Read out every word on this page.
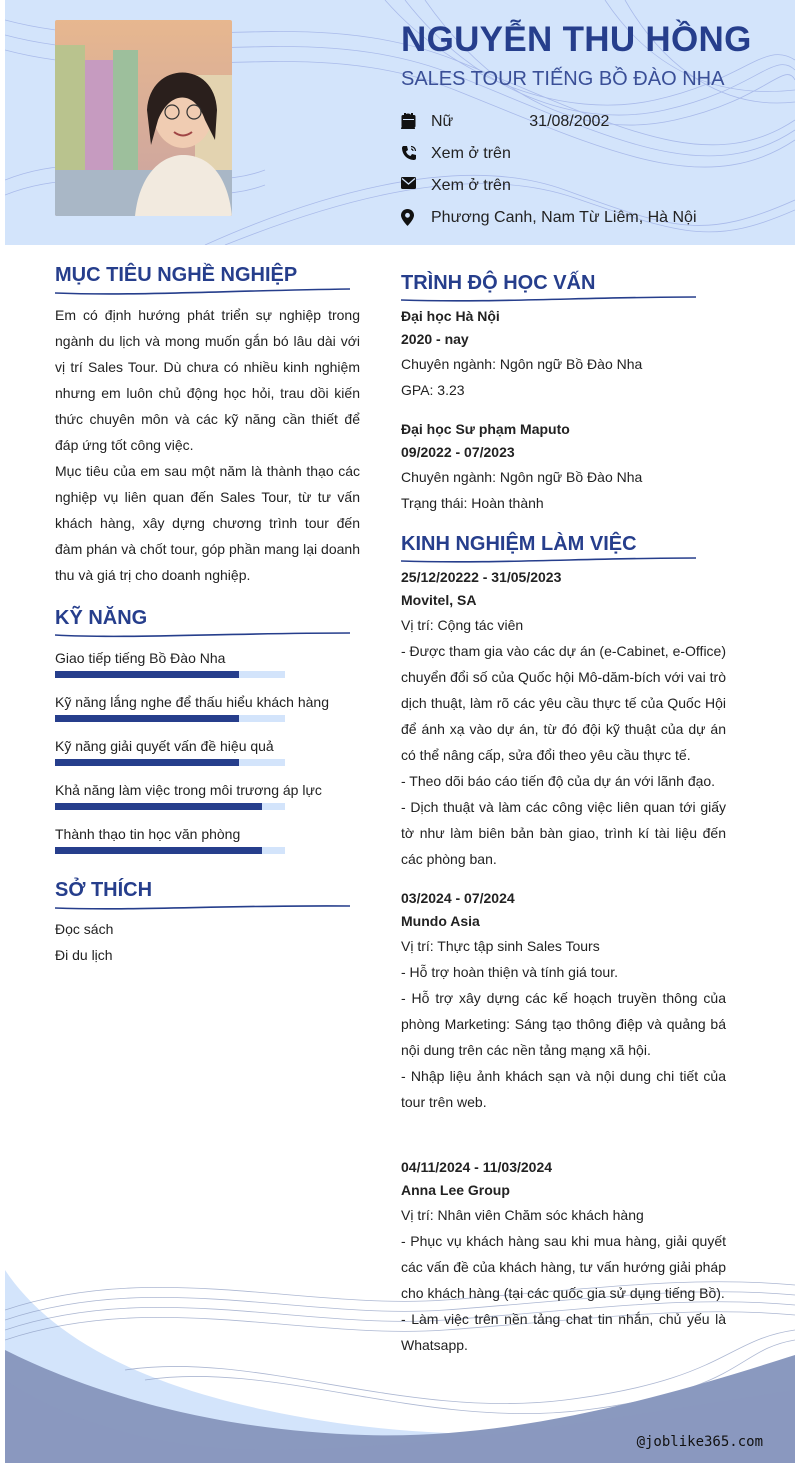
NGUYỄN THU HỒNG
SALES TOUR TIẾNG BỒ ĐÀO NHA
Nữ	31/08/2002
Xem ở trên
Xem ở trên
Phương Canh, Nam Từ Liêm, Hà Nội
MỤC TIÊU NGHỀ NGHIỆP
Em có định hướng phát triển sự nghiệp trong ngành du lịch và mong muốn gắn bó lâu dài với vị trí Sales Tour. Dù chưa có nhiều kinh nghiệm nhưng em luôn chủ động học hỏi, trau dồi kiến thức chuyên môn và các kỹ năng cần thiết để đáp ứng tốt công việc.
Mục tiêu của em sau một năm là thành thạo các nghiệp vụ liên quan đến Sales Tour, từ tư vấn khách hàng, xây dựng chương trình tour đến đàm phán và chốt tour, góp phần mang lại doanh thu và giá trị cho doanh nghiệp.
KỸ NĂNG
Giao tiếp tiếng Bồ Đào Nha
Kỹ năng lắng nghe để thấu hiểu khách hàng
Kỹ năng giải quyết vấn đề hiệu quả
Khả năng làm việc trong môi trương áp lực
Thành thạo tin học văn phòng
SỞ THÍCH
Đọc sách
Đi du lịch
TRÌNH ĐỘ HỌC VẤN
Đại học Hà Nội
2020 - nay
Chuyên ngành: Ngôn ngữ Bồ Đào Nha
GPA: 3.23
Đại học Sư phạm Maputo
09/2022 - 07/2023
Chuyên ngành: Ngôn ngữ Bồ Đào Nha
Trạng thái: Hoàn thành
KINH NGHIỆM LÀM VIỆC
25/12/20222 - 31/05/2023
Movitel, SA
Vị trí: Cộng tác viên
- Được tham gia vào các dự án (e-Cabinet, e-Office) chuyển đổi số của Quốc hội Mô-dăm-bích với vai trò dịch thuật, làm rõ các yêu cầu thực tế của Quốc Hội để ánh xạ vào dự án, từ đó đội kỹ thuật của dự án có thể nâng cấp, sửa đổi theo yêu cầu thực tế.
- Theo dõi báo cáo tiến độ của dự án với lãnh đạo.
- Dịch thuật và làm các công việc liên quan tới giấy tờ như làm biên bản bàn giao, trình kí tài liệu đến các phòng ban.
03/2024 - 07/2024
Mundo Asia
Vị trí: Thực tập sinh Sales Tours
- Hỗ trợ hoàn thiện và tính giá tour.
- Hỗ trợ xây dựng các kế hoạch truyền thông của phòng Marketing: Sáng tạo thông điệp và quảng bá nội dung trên các nền tảng mạng xã hội.
- Nhập liệu ảnh khách sạn và nội dung chi tiết của tour trên web.
@joblike365.com
04/11/2024 - 11/03/2024
Anna Lee Group
Vị trí: Nhân viên Chăm sóc khách hàng
- Phục vụ khách hàng sau khi mua hàng, giải quyết các vấn đề của khách hàng, tư vấn hướng giải pháp cho khách hàng (tại các quốc gia sử dụng tiếng Bồ).
- Làm việc trên nền tảng chat tin nhắn, chủ yếu là Whatsapp.
